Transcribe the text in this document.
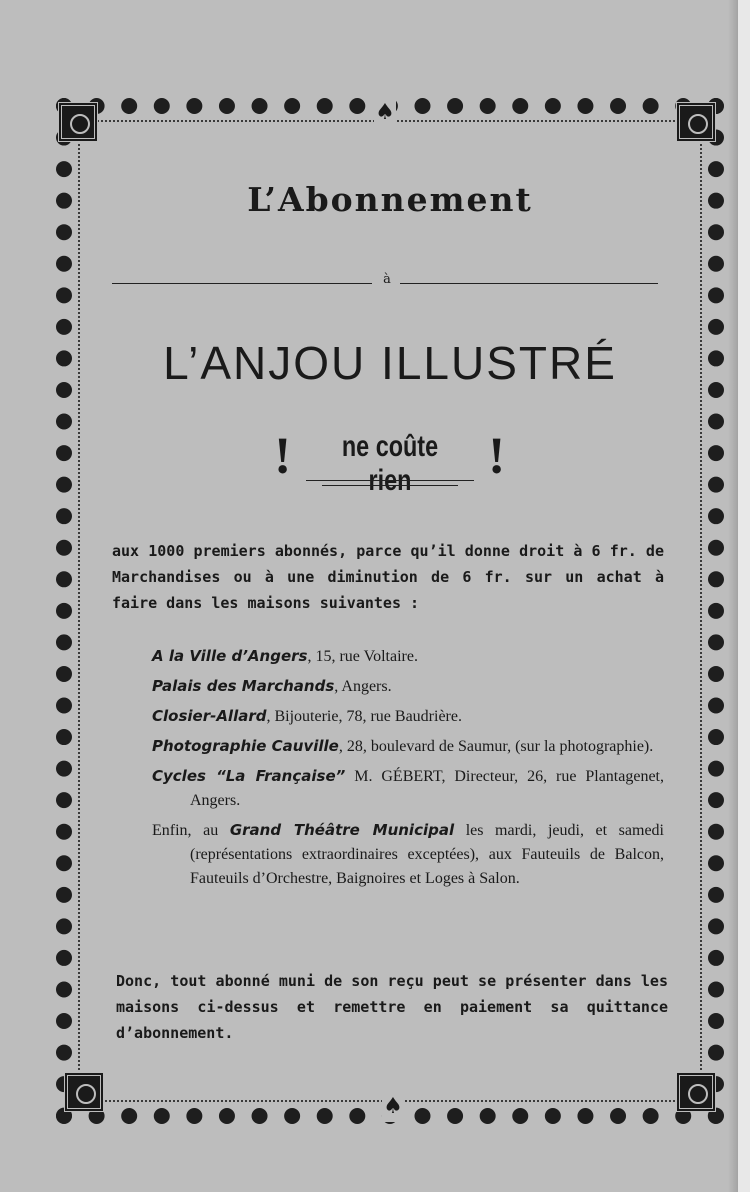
♠
♠
L’Abonnement
à
L’ANJOU ILLUSTRÉ
!	ne coûte rien	!
aux 1000 premiers abonnés, parce qu’il donne droit à 6 fr. de Marchandises ou à une diminution de 6 fr. sur un achat à faire dans les maisons suivantes :

A la Ville d’Angers, 15, rue Voltaire.

Palais des Marchands, Angers.

Closier-Allard, Bijouterie, 78, rue Baudrière.

Photographie Cauville, 28, boulevard de Saumur, (sur la photographie).

Cycles “La Française” M. GÉBERT, Directeur, 26, rue Plantagenet, Angers.

Enfin, au Grand Théâtre Municipal les mardi, jeudi, et samedi (représentations extraordinaires exceptées), aux Fauteuils de Balcon, Fauteuils d’Orchestre, Baignoires et Loges à Salon.

Donc, tout abonné muni de son reçu peut se présenter dans les maisons ci-dessus et remettre en paiement sa quittance d’abonnement.
